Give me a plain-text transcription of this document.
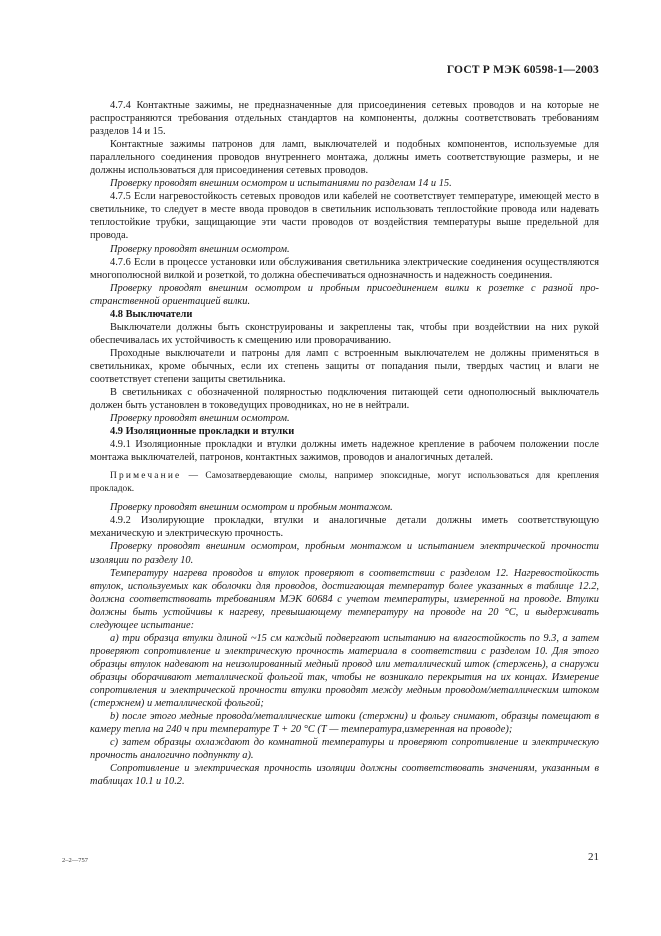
ГОСТ Р МЭК 60598-1—2003

4.7.4 Контактные зажимы, не предназначенные для присоединения сетевых проводов и на которые не распространяются требования отдельных стандартов на компоненты, должны соответствовать требованиям разделов 14 и 15.

Контактные зажимы патронов для ламп, выключателей и подобных компонентов, используемые для параллельного соединения проводов внутреннего монтажа, должны иметь соответствующие размеры, и не должны использоваться для присоединения сетевых проводов.

Проверку проводят внешним осмотром и испытаниями по разделам 14 и 15.

4.7.5 Если нагревостойкость сетевых проводов или кабелей не соответствует температуре, имеющей место в светильнике, то следует в месте ввода проводов в светильник использовать теплостойкие провода или надевать теплостойкие трубки, защищающие эти части проводов от воздействия температуры выше предельной для провода.

Проверку проводят внешним осмотром.

4.7.6 Если в процессе установки или обслуживания светильника электрические соединения осуществляются многополюсной вилкой и розеткой, то должна обеспечиваться однозначность и надежность соединения.

Проверку проводят внешним осмотром и пробным присоединением вилки к розетке с разной пространственной ориентацией вилки.

4.8 Выключатели

Выключатели должны быть сконструированы и закреплены так, чтобы при воздействии на них рукой обеспечивалась их устойчивость к смещению или проворачиванию.

Проходные выключатели и патроны для ламп с встроенным выключателем не должны применяться в светильниках, кроме обычных, если их степень защиты от попадания пыли, твердых частиц и влаги не соответствует степени защиты светильника.

В светильниках с обозначенной полярностью подключения питающей сети однополюсный выключатель должен быть установлен в токоведущих проводниках, но не в нейтрали.

Проверку проводят внешним осмотром.

4.9 Изоляционные прокладки и втулки

4.9.1 Изоляционные прокладки и втулки должны иметь надежное крепление в рабочем положении после монтажа выключателей, патронов, контактных зажимов, проводов и аналогичных деталей.

Примечание — Самозатвердевающие смолы, например эпоксидные, могут использоваться для крепления прокладок.

Проверку проводят внешним осмотром и пробным монтажом.

4.9.2 Изолирующие прокладки, втулки и аналогичные детали должны иметь соответствующую механическую и электрическую прочность.

Проверку проводят внешним осмотром, пробным монтажом и испытанием электрической прочности изоляции по разделу 10.

Температуру нагрева проводов и втулок проверяют в соответствии с разделом 12. Нагревостойкость втулок, используемых как оболочки для проводов, достигающая температур более указанных в таблице 12.2, должна соответствовать требованиям МЭК 60684 с учетом температуры, измеренной на проводе. Втулки должны быть устойчивы к нагреву, превышающему температуру на проводе на 20 °С, и выдерживать следующее испытание:

а) три образца втулки длиной ~15 см каждый подвергают испытанию на влагостойкость по 9.3, а затем проверяют сопротивление и электрическую прочность материала в соответствии с разделом 10. Для этого образцы втулок надевают на неизолированный медный провод или металлический шток (стержень), а снаружи образцы оборачивают металлической фольгой так, чтобы не возникало перекрытия на их концах. Измерение сопротивления и электрической прочности втулки проводят между медным проводом/металлическим штоком (стержнем) и металлической фольгой;

b) после этого медные провода/металлические штоки (стержни) и фольгу снимают, образцы помещают в камеру тепла на 240 ч при температуре Т + 20 °С (Т — температура,измеренная на проводе);

с) затем образцы охлаждают до комнатной температуры и проверяют сопротивление и электрическую прочность аналогично подпункту а).

Сопротивление и электрическая прочность изоляции должны соответствовать значениям, указанным в таблицах 10.1 и 10.2.

2–2—757	21
